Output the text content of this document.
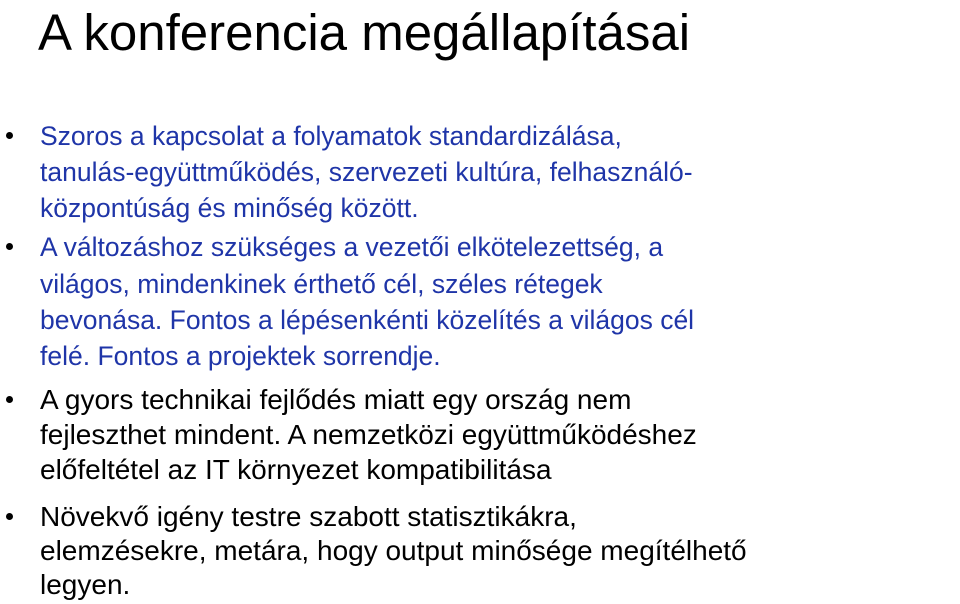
A konferencia megállapításai
Szoros a kapcsolat a folyamatok standardizálása,
tanulás-együttműködés, szervezeti kultúra, felhasználó-
központúság és minőség között.
A változáshoz szükséges a vezetői elkötelezettség, a
világos, mindenkinek érthető cél, széles rétegek
bevonása. Fontos a lépésenkénti közelítés a világos cél
felé. Fontos a projektek sorrendje.
A gyors technikai fejlődés miatt egy ország nem
fejleszthet mindent. A nemzetközi együttműködéshez
előfeltétel az IT környezet kompatibilitása
Növekvő igény testre szabott statisztikákra,
elemzésekre, metára, hogy output minősége megítélhető
legyen.
